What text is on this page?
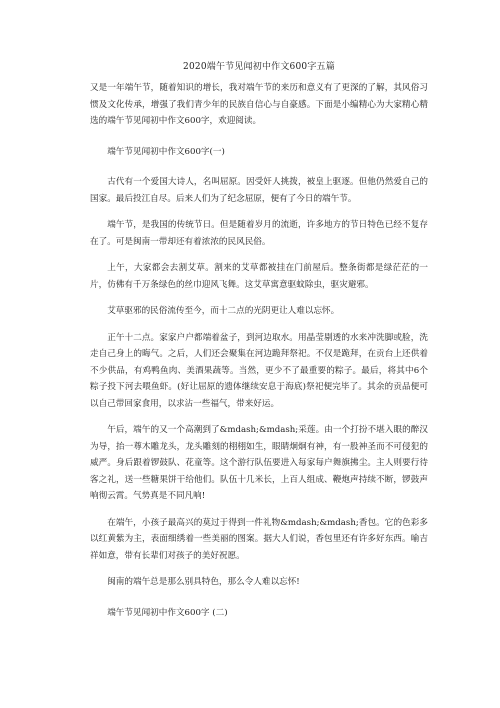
2020端午节见闻初中作文600字五篇

又是一年端午节，随着知识的增长，我对端午节的来历和意义有了更深的了解，其风俗习惯及文化传承，增强了我们青少年的民族自信心与自豪感。下面是小编精心为大家精心精选的端午节见闻初中作文600字，欢迎阅读。

端午节见闻初中作文600字(一)

古代有一个爱国大诗人，名叫屈原。因受奸人挑拨，被皇上驱逐。但他仍然爱自己的国家。最后投江自尽。后来人们为了纪念屈原，便有了今日的端午节。

端午节，是我国的传统节日。但是随着岁月的流逝，许多地方的节日特色已经不复存在了。可是闽南一带却还有着浓浓的民风民俗。

上午，大家都会去割艾草。割来的艾草都被挂在门前屋后。整条街都是绿茫茫的一片，仿佛有千万条绿色的丝巾迎风飞舞。这艾草寓意驱蚊除虫，驱灾避邪。

艾草驱邪的民俗流传至今，而十二点的光阴更让人难以忘怀。

正午十二点。家家户户都端着盆子，到河边取水。用晶莹剔透的水来冲洗脚或脸，洗走自己身上的晦气。之后，人们还会聚集在河边跪拜祭祀。不仅是跪拜，在贡台上还供着不少供品，有鸡鸭鱼肉、美酒果蔬等。当然，更少不了最重要的粽子。最后，将其中6个粽子投下河去喂鱼虾。(好让屈原的遗体继续安息于海底)祭祀便完毕了。其余的贡品便可以自己带回家食用，以求沾一些福气，带来好运。

午后，端午的又一个高潮到了&mdash;&mdash;采莲。由一个打扮不堪入眼的醉汉为导，抬一尊木雕龙头，龙头雕刻的栩栩如生，眼睛炯炯有神，有一股神圣而不可侵犯的威严。身后跟着锣鼓队、花童等。这个游行队伍要进入每家每户舞旗拂尘。主人则要行待客之礼，送一些糖果饼干给他们。队伍十几米长，上百人组成、鞭炮声持续不断，锣鼓声响彻云霄。气势真是不同凡响!

在端午，小孩子最高兴的莫过于得到一件礼物&mdash;&mdash;香包。它的色彩多以红黄紫为主，表面细绣着一些美丽的图案。据大人们说，香包里还有许多好东西。喻吉祥如意，带有长辈们对孩子的美好祝愿。

闽南的端午总是那么别具特色，那么令人难以忘怀!

端午节见闻初中作文600字 (二)
